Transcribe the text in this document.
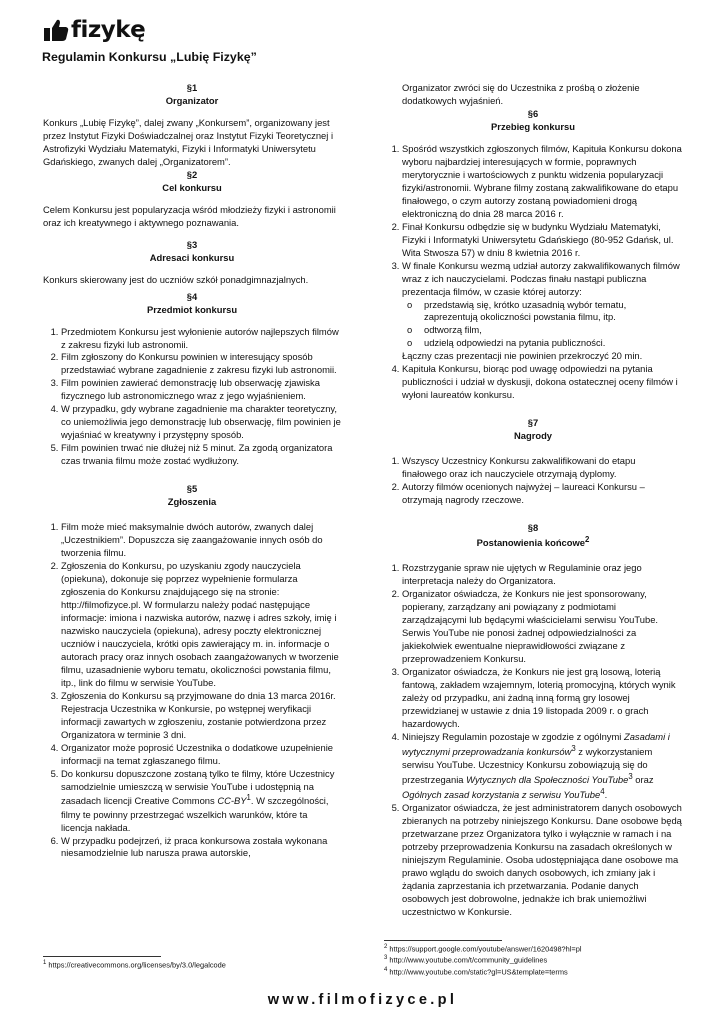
fizykę
Regulamin Konkursu „Lubię Fizykę”

§1

Organizator

Konkurs „Lubię Fizykę”, dalej zwany „Konkursem”, organizowany jest przez Instytut Fizyki Doświadczalnej oraz Instytut Fizyki Teoretycznej i Astrofizyki Wydziału Matematyki, Fizyki i Informatyki Uniwersytetu Gdańskiego, zwanych dalej „Organizatorem”.

§2

Cel konkursu

Celem Konkursu jest popularyzacja wśród młodzieży fizyki i astronomii oraz ich kreatywnego i aktywnego poznawania.

§3

Adresaci konkursu

Konkurs skierowany jest do uczniów szkół ponadgimnazjalnych.

§4

Przedmiot konkursu

1. Przedmiotem Konkursu jest wyłonienie autorów najlepszych filmów z zakresu fizyki lub astronomii.
2. Film zgłoszony do Konkursu powinien w interesujący sposób przedstawiać wybrane zagadnienie z zakresu fizyki lub astronomii.
3. Film powinien zawierać demonstrację lub obserwację zjawiska fizycznego lub astronomicznego wraz z jego wyjaśnieniem.
4. W przypadku, gdy wybrane zagadnienie ma charakter teoretyczny, co uniemożliwia jego demonstrację lub obserwację, film powinien je wyjaśniać w kreatywny i przystępny sposób.
5. Film powinien trwać nie dłużej niż 5 minut. Za zgodą organizatora czas trwania filmu może zostać wydłużony.

§5

Zgłoszenia

1. Film może mieć maksymalnie dwóch autorów, zwanych dalej „Uczestnikiem”. Dopuszcza się zaangażowanie innych osób do tworzenia filmu.
2. Zgłoszenia do Konkursu, po uzyskaniu zgody nauczyciela (opiekuna), dokonuje się poprzez wypełnienie formularza zgłoszenia do Konkursu znajdującego się na stronie: http://filmofizyce.pl. W formularzu należy podać następujące informacje: imiona i nazwiska autorów, nazwę i adres szkoły, imię i nazwisko nauczyciela (opiekuna), adresy poczty elektronicznej uczniów i nauczyciela, krótki opis zawierający m. in. informacje o autorach pracy oraz innych osobach zaangażowanych w tworzenie filmu, uzasadnienie wyboru tematu, okoliczności powstania filmu, itp., link do filmu w serwisie YouTube.
3. Zgłoszenia do Konkursu są przyjmowane do dnia 13 marca 2016r. Rejestracja Uczestnika w Konkursie, po wstępnej weryfikacji informacji zawartych w zgłoszeniu, zostanie potwierdzona przez Organizatora w terminie 3 dni.
4. Organizator może poprosić Uczestnika o dodatkowe uzupełnienie informacji na temat zgłaszanego filmu.
5. Do konkursu dopuszczone zostaną tylko te filmy, które Uczestnicy samodzielnie umieszczą w serwisie YouTube i udostępnią na zasadach licencji Creative Commons $CC-BY^1$. W szczególności, filmy te powinny przestrzegać wszelkich warunków, które ta licencja nakłada.
6. W przypadku podejrzeń, iż praca konkursowa została wykonana niesamodzielnie lub narusza prawa autorskie,
$^1$ https://creativecommons.org/licenses/by/3.0/legalcode

Organizator zwróci się do Uczestnika z prośbą o złożenie dodatkowych wyjaśnień.

§6

Przebieg konkursu

1. Spośród wszystkich zgłoszonych filmów, Kapituła Konkursu dokona wyboru najbardziej interesujących w formie, poprawnych merytorycznie i wartościowych z punktu widzenia popularyzacji fizyki/astronomii. Wybrane filmy zostaną zakwalifikowane do etapu finałowego, o czym autorzy zostaną powiadomieni drogą elektroniczną do dnia 28 marca 2016 r.
2. Finał Konkursu odbędzie się w budynku Wydziału Matematyki, Fizyki i Informatyki Uniwersytetu Gdańskiego (80-952 Gdańsk, ul. Wita Stwosza 57) w dniu 8 kwietnia 2016 r.
3. W finale Konkursu wezmą udział autorzy zakwalifikowanych filmów wraz z ich nauczycielami. Podczas finału nastąpi publiczna prezentacja filmów, w czasie której autorzy:
o przedstawią się, krótko uzasadnią wybór tematu, zaprezentują okoliczności powstania filmu, itp.
o odtworzą film,
o udzielą odpowiedzi na pytania publiczności.
Łączny czas prezentacji nie powinien przekroczyć 20 min.
4. Kapituła Konkursu, biorąc pod uwagę odpowiedzi na pytania publiczności i udział w dyskusji, dokona ostatecznej oceny filmów i wyłoni laureatów konkursu.

§7

Nagrody

1. Wszyscy Uczestnicy Konkursu zakwalifikowani do etapu finałowego oraz ich nauczyciele otrzymają dyplomy.
2. Autorzy filmów ocenionych najwyżej – laureaci Konkursu – otrzymają nagrody rzeczowe.

§8

Postanowienia końcowe$^2$

1. Rozstrzyganie spraw nie ujętych w Regulaminie oraz jego interpretacja należy do Organizatora.
2. Organizator oświadcza, że Konkurs nie jest sponsorowany, popierany, zarządzany ani powiązany z podmiotami zarządzającymi lub będącymi właścicielami serwisu YouTube. Serwis YouTube nie ponosi żadnej odpowiedzialności za jakiekolwiek ewentualne nieprawidłowości związane z przeprowadzeniem Konkursu.
3. Organizator oświadcza, że Konkurs nie jest grą losową, loterią fantową, zakładem wzajemnym, loterią promocyjną, których wynik zależy od przypadku, ani żadną inną formą gry losowej przewidzianej w ustawie z dnia 19 listopada 2009 r. o grach hazardowych.
4. Niniejszy Regulamin pozostaje w zgodzie z ogólnymi Zasadami i wytycznymi przeprowadzania konkursów$^3$ z wykorzystaniem serwisu YouTube. Uczestnicy Konkursu zobowiązują się do przestrzegania Wytycznych dla Społeczności YouTube$^3$ oraz Ogólnych zasad korzystania z serwisu YouTube$^4$.
5. Organizator oświadcza, że jest administratorem danych osobowych zbieranych na potrzeby niniejszego Konkursu. Dane osobowe będą przetwarzane przez Organizatora tylko i wyłącznie w ramach i na potrzeby przeprowadzenia Konkursu na zasadach określonych w niniejszym Regulaminie. Osoba udostępniająca dane osobowe ma prawo wglądu do swoich danych osobowych, ich zmiany jak i żądania zaprzestania ich przetwarzania. Podanie danych osobowych jest dobrowolne, jednakże ich brak uniemożliwi uczestnictwo w Konkursie.
$^2$ https://support.google.com/youtube/answer/1620498?hl=pl
$^3$ http://www.youtube.com/t/community_guidelines
$^4$ http://www.youtube.com/static?gl=US&template=terms
www.filmofizyce.pl
